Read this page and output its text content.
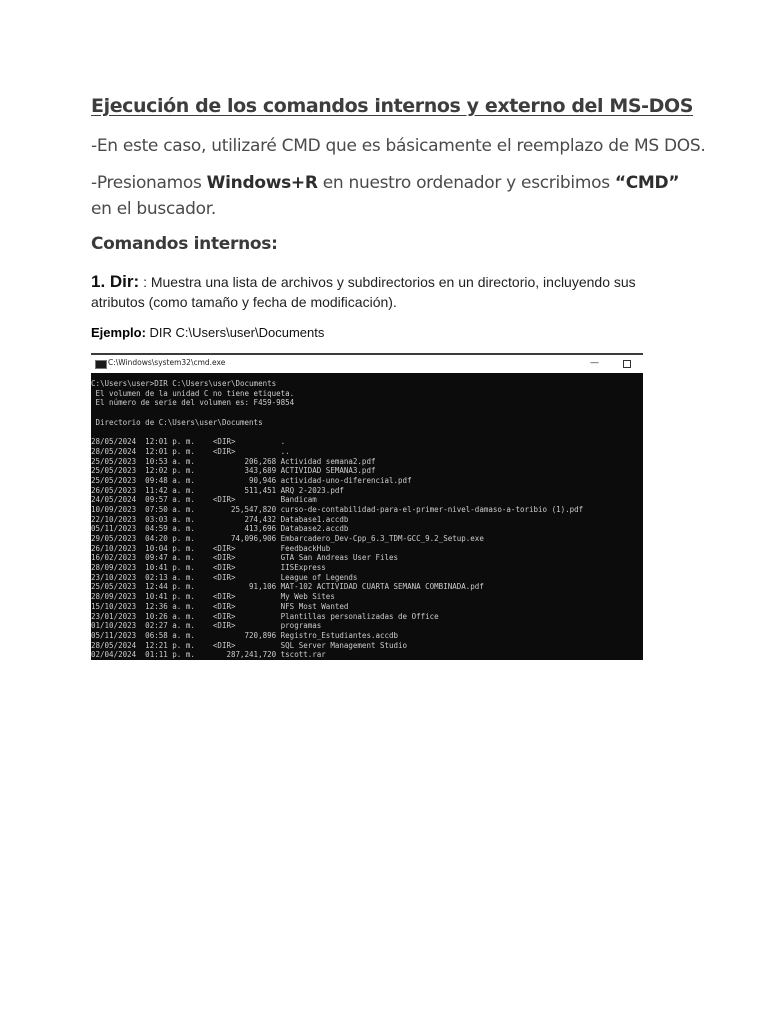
Ejecución de los comandos internos y externo del MS-DOS
-En este caso, utilizaré CMD que es básicamente el reemplazo de MS DOS.
-Presionamos Windows+R en nuestro ordenador y escribimos “CMD” en el buscador.
Comandos internos:
1. Dir: : Muestra una lista de archivos y subdirectorios en un directorio, incluyendo sus atributos (como tamaño y fecha de modificación).
Ejemplo: DIR C:\Users\user\Documents
C:\Windows\system32\cmd.exe	—
C:\Users\user>DIR C:\Users\user\Documents
El volumen de la unidad C no tiene etiqueta.
El número de serie del volumen es: F459-9854
Directorio de C:\Users\user\Documents
28/05/2024  12:01 p. m.    <DIR>          .
28/05/2024  12:01 p. m.    <DIR>          ..
25/05/2023  10:53 a. m.           206,268 Actividad semana2.pdf
25/05/2023  12:02 p. m.           343,689 ACTIVIDAD SEMANA3.pdf
25/05/2023  09:48 a. m.            90,946 actividad-uno-diferencial.pdf
26/05/2023  11:42 a. m.           511,451 ARQ 2-2023.pdf
24/05/2024  09:57 a. m.    <DIR>          Bandicam
10/09/2023  07:50 a. m.        25,547,820 curso-de-contabilidad-para-el-primer-nivel-damaso-a-toribio (1).pdf
22/10/2023  03:03 a. m.           274,432 Database1.accdb
05/11/2023  04:59 a. m.           413,696 Database2.accdb
29/05/2023  04:20 p. m.        74,096,906 Embarcadero_Dev-Cpp_6.3_TDM-GCC_9.2_Setup.exe
26/10/2023  10:04 p. m.    <DIR>          FeedbackHub
16/02/2023  09:47 a. m.    <DIR>          GTA San Andreas User Files
28/09/2023  10:41 p. m.    <DIR>          IISExpress
23/10/2023  02:13 a. m.    <DIR>          League of Legends
25/05/2023  12:44 p. m.            91,106 MAT-102 ACTIVIDAD CUARTA SEMANA COMBINADA.pdf
28/09/2023  10:41 p. m.    <DIR>          My Web Sites
15/10/2023  12:36 a. m.    <DIR>          NFS Most Wanted
23/01/2023  10:26 a. m.    <DIR>          Plantillas personalizadas de Office
01/10/2023  02:27 a. m.    <DIR>          programas
05/11/2023  06:58 a. m.           720,896 Registro_Estudiantes.accdb
28/05/2024  12:21 p. m.    <DIR>          SQL Server Management Studio
02/04/2024  01:11 p. m.       287,241,720 tscott.rar
